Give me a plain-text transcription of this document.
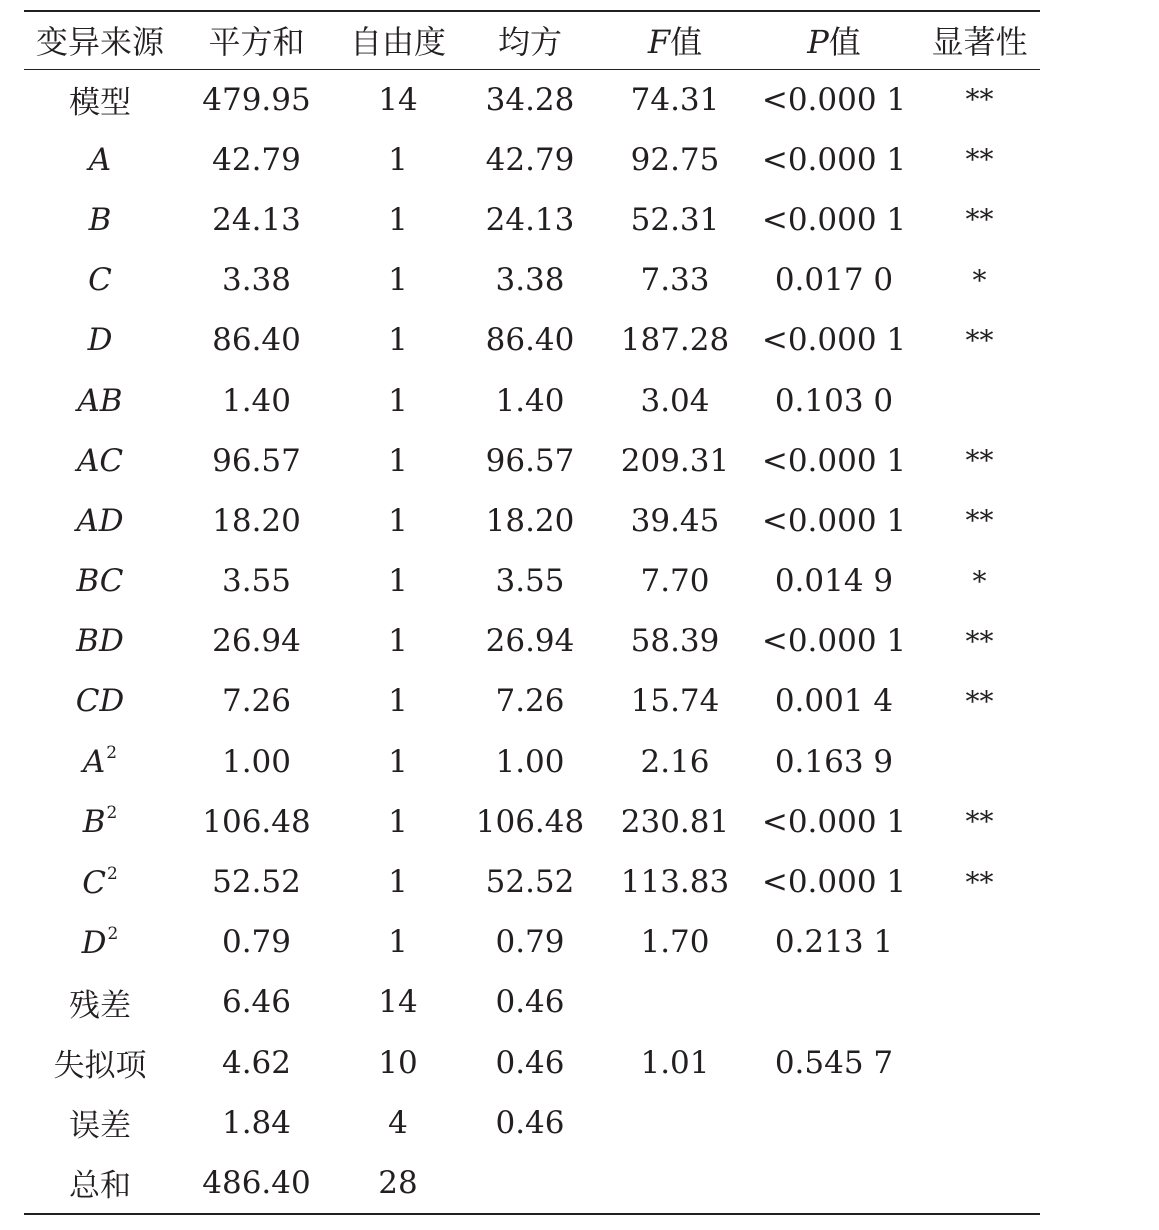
变异来源	平方和	自由度	均方	F值	P值	显著性
模型	479.95	14	34.28	74.31	<0.000 1	**
A	42.79	1	42.79	92.75	<0.000 1	**
B	24.13	1	24.13	52.31	<0.000 1	**
C	3.38	1	3.38	7.33	0.017 0	*
D	86.40	1	86.40	187.28	<0.000 1	**
AB	1.40	1	1.40	3.04	0.103 0	
AC	96.57	1	96.57	209.31	<0.000 1	**
AD	18.20	1	18.20	39.45	<0.000 1	**
BC	3.55	1	3.55	7.70	0.014 9	*
BD	26.94	1	26.94	58.39	<0.000 1	**
CD	7.26	1	7.26	15.74	0.001 4	**
$A^2$	1.00	1	1.00	2.16	0.163 9	
$B^2$	106.48	1	106.48	230.81	<0.000 1	**
$C^2$	52.52	1	52.52	113.83	<0.000 1	**
$D^2$	0.79	1	0.79	1.70	0.213 1	
残差	6.46	14	0.46			
失拟项	4.62	10	0.46	1.01	0.545 7	
误差	1.84	4	0.46			
总和	486.40	28				
